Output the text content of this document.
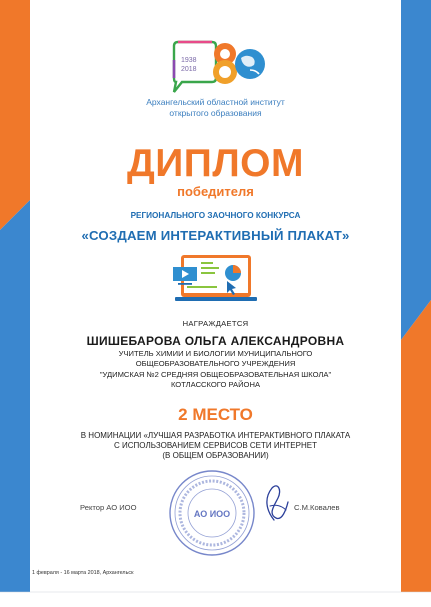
1938
2018
Архангельский областной институт
открытого образования
ДИПЛОМ
победителя
РЕГИОНАЛЬНОГО ЗАОЧНОГО КОНКУРСА
«СОЗДАЕМ ИНТЕРАКТИВНЫЙ ПЛАКАТ»
НАГРАЖДАЕТСЯ
ШИШЕБАРОВА ОЛЬГА АЛЕКСАНДРОВНА
УЧИТЕЛЬ ХИМИИ И БИОЛОГИИ МУНИЦИПАЛЬНОГО
ОБЩЕОБРАЗОВАТЕЛЬНОГО УЧРЕЖДЕНИЯ
"УДИМСКАЯ №2 СРЕДНЯЯ ОБЩЕОБРАЗОВАТЕЛЬНАЯ ШКОЛА"
КОТЛАССКОГО РАЙОНА
2 МЕСТО
В НОМИНАЦИИ «ЛУЧШАЯ РАЗРАБОТКА ИНТЕРАКТИВНОГО ПЛАКАТА
С ИСПОЛЬЗОВАНИЕМ СЕРВИСОВ СЕТИ ИНТЕРНЕТ
(В ОБЩЕМ ОБРАЗОВАНИИ)
Ректор АО ИОО
АО ИОО
С.М.Ковалев
1 февраля - 16 марта 2018, Архангельск
